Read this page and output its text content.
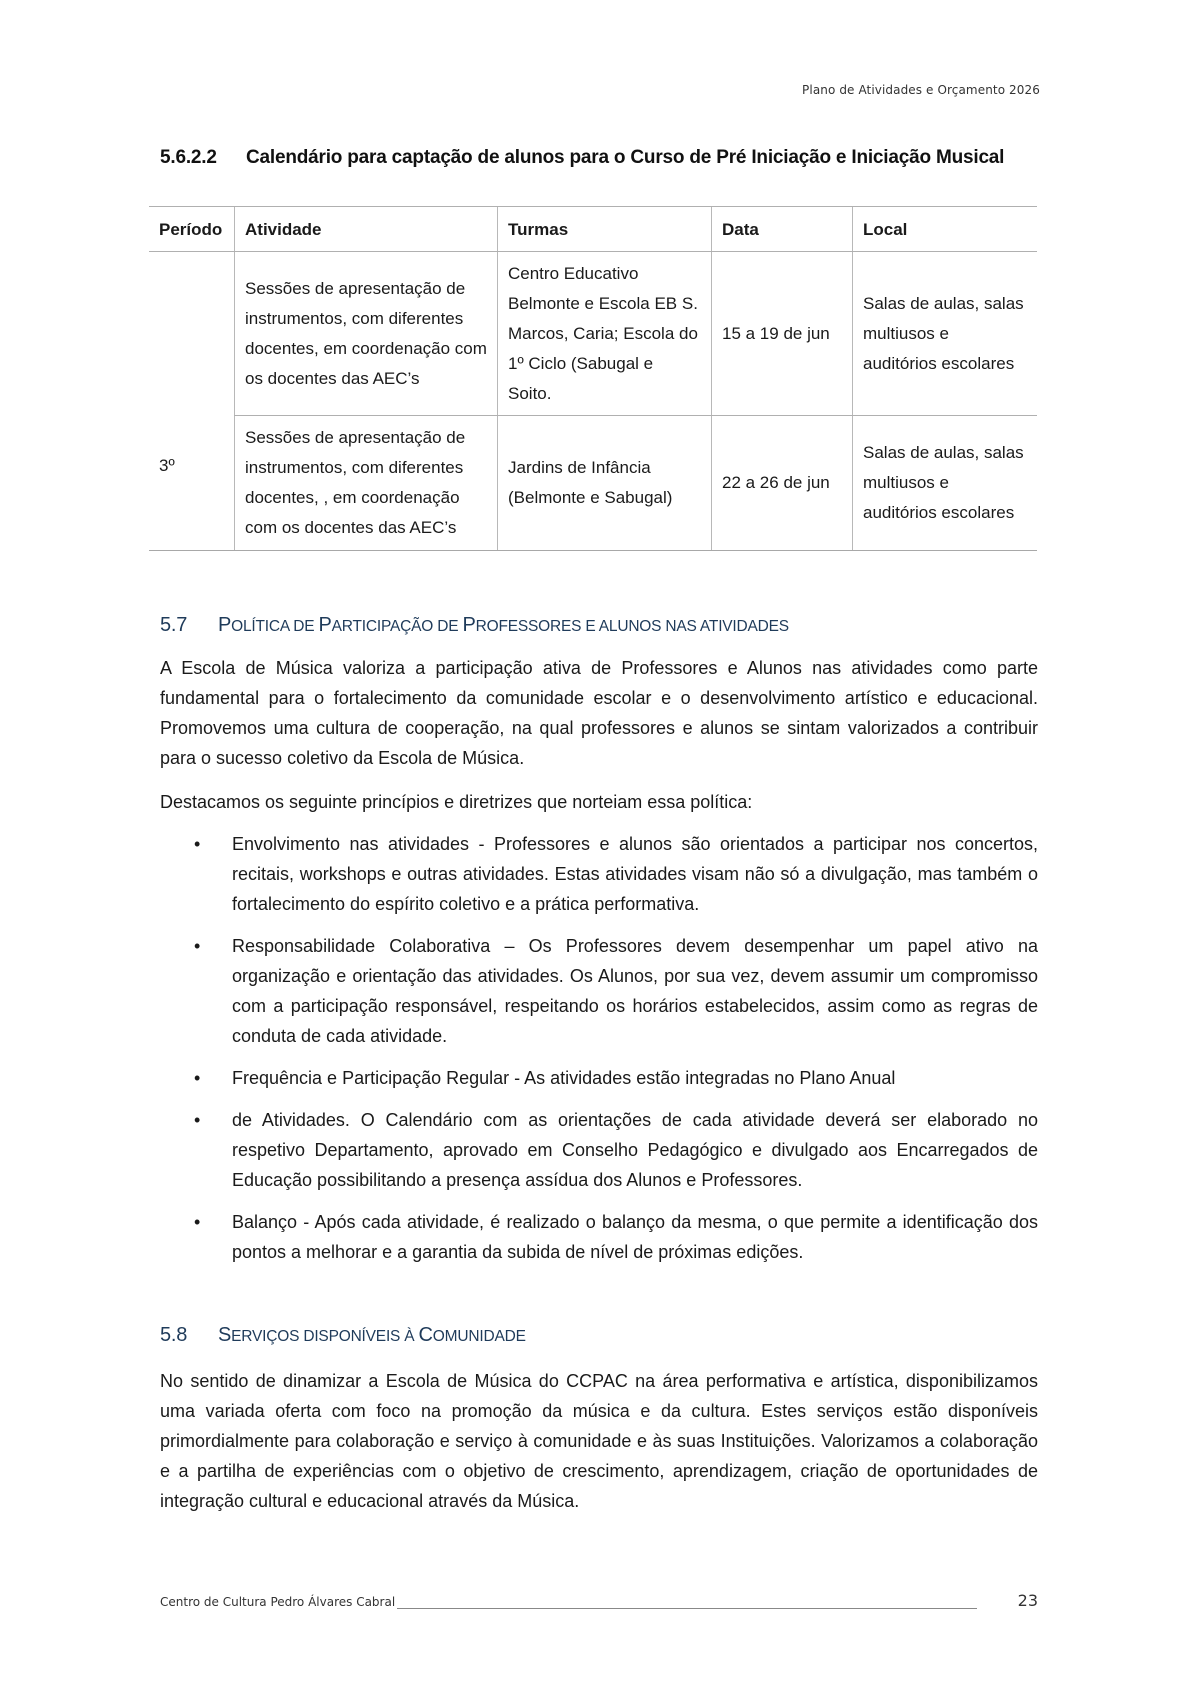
Plano de Atividades e Orçamento 2026
5.6.2.2 Calendário para captação de alunos para o Curso de Pré Iniciação e Iniciação Musical
Período	Atividade	Turmas	Data	Local
3º	Sessões de apresentação de instrumentos, com diferentes docentes, em coordenação com os docentes das AEC’s	Centro Educativo Belmonte e Escola EB S. Marcos, Caria; Escola do 1º Ciclo (Sabugal e Soito.	15 a 19 de jun	Salas de aulas, salas multiusos e auditórios escolares
	Sessões de apresentação de instrumentos, com diferentes docentes, , em coordenação com os docentes das AEC’s	Jardins de Infância (Belmonte e Sabugal)	22 a 26 de jun	Salas de aulas, salas multiusos e auditórios escolares
5.7 POLÍTICA DE PARTICIPAÇÃO DE PROFESSORES E ALUNOS NAS ATIVIDADES
A Escola de Música valoriza a participação ativa de Professores e Alunos nas atividades como parte fundamental para o fortalecimento da comunidade escolar e o desenvolvimento artístico e educacional. Promovemos uma cultura de cooperação, na qual professores e alunos se sintam valorizados a contribuir para o sucesso coletivo da Escola de Música.
Destacamos os seguinte princípios e diretrizes que norteiam essa política:
• Envolvimento nas atividades - Professores e alunos são orientados a participar nos concertos, recitais, workshops e outras atividades. Estas atividades visam não só a divulgação, mas também o fortalecimento do espírito coletivo e a prática performativa.
• Responsabilidade Colaborativa – Os Professores devem desempenhar um papel ativo na organização e orientação das atividades. Os Alunos, por sua vez, devem assumir um compromisso com a participação responsável, respeitando os horários estabelecidos, assim como as regras de conduta de cada atividade.
• Frequência e Participação Regular - As atividades estão integradas no Plano Anual
• de Atividades. O Calendário com as orientações de cada atividade deverá ser elaborado no respetivo Departamento, aprovado em Conselho Pedagógico e divulgado aos Encarregados de Educação possibilitando a presença assídua dos Alunos e Professores.
• Balanço - Após cada atividade, é realizado o balanço da mesma, o que permite a identificação dos pontos a melhorar e a garantia da subida de nível de próximas edições.
5.8 SERVIÇOS DISPONÍVEIS À COMUNIDADE
No sentido de dinamizar a Escola de Música do CCPAC na área performativa e artística, disponibilizamos uma variada oferta com foco na promoção da música e da cultura. Estes serviços estão disponíveis primordialmente para colaboração e serviço à comunidade e às suas Instituições. Valorizamos a colaboração e a partilha de experiências com o objetivo de crescimento, aprendizagem, criação de oportunidades de integração cultural e educacional através da Música.
Centro de Cultura Pedro Álvares Cabral	23
